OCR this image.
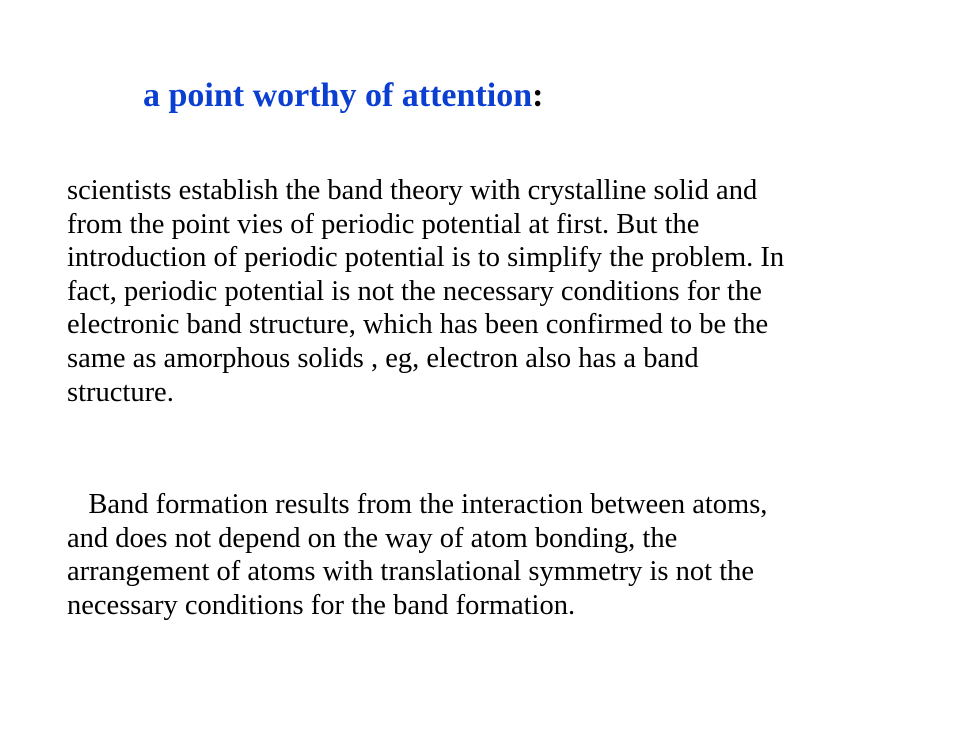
a point worthy of attention:
scientists establish the band theory with crystalline solid and
from the point vies of periodic potential at first. But the
introduction of periodic potential is to simplify the problem. In
fact, periodic potential is not the necessary conditions for the
electronic band structure, which has been confirmed to be the
same as amorphous solids , eg, electron also has a band
structure.
Band formation results from the interaction between atoms,
and does not depend on the way of atom bonding, the
arrangement of atoms with translational symmetry is not the
necessary conditions for the band formation.
